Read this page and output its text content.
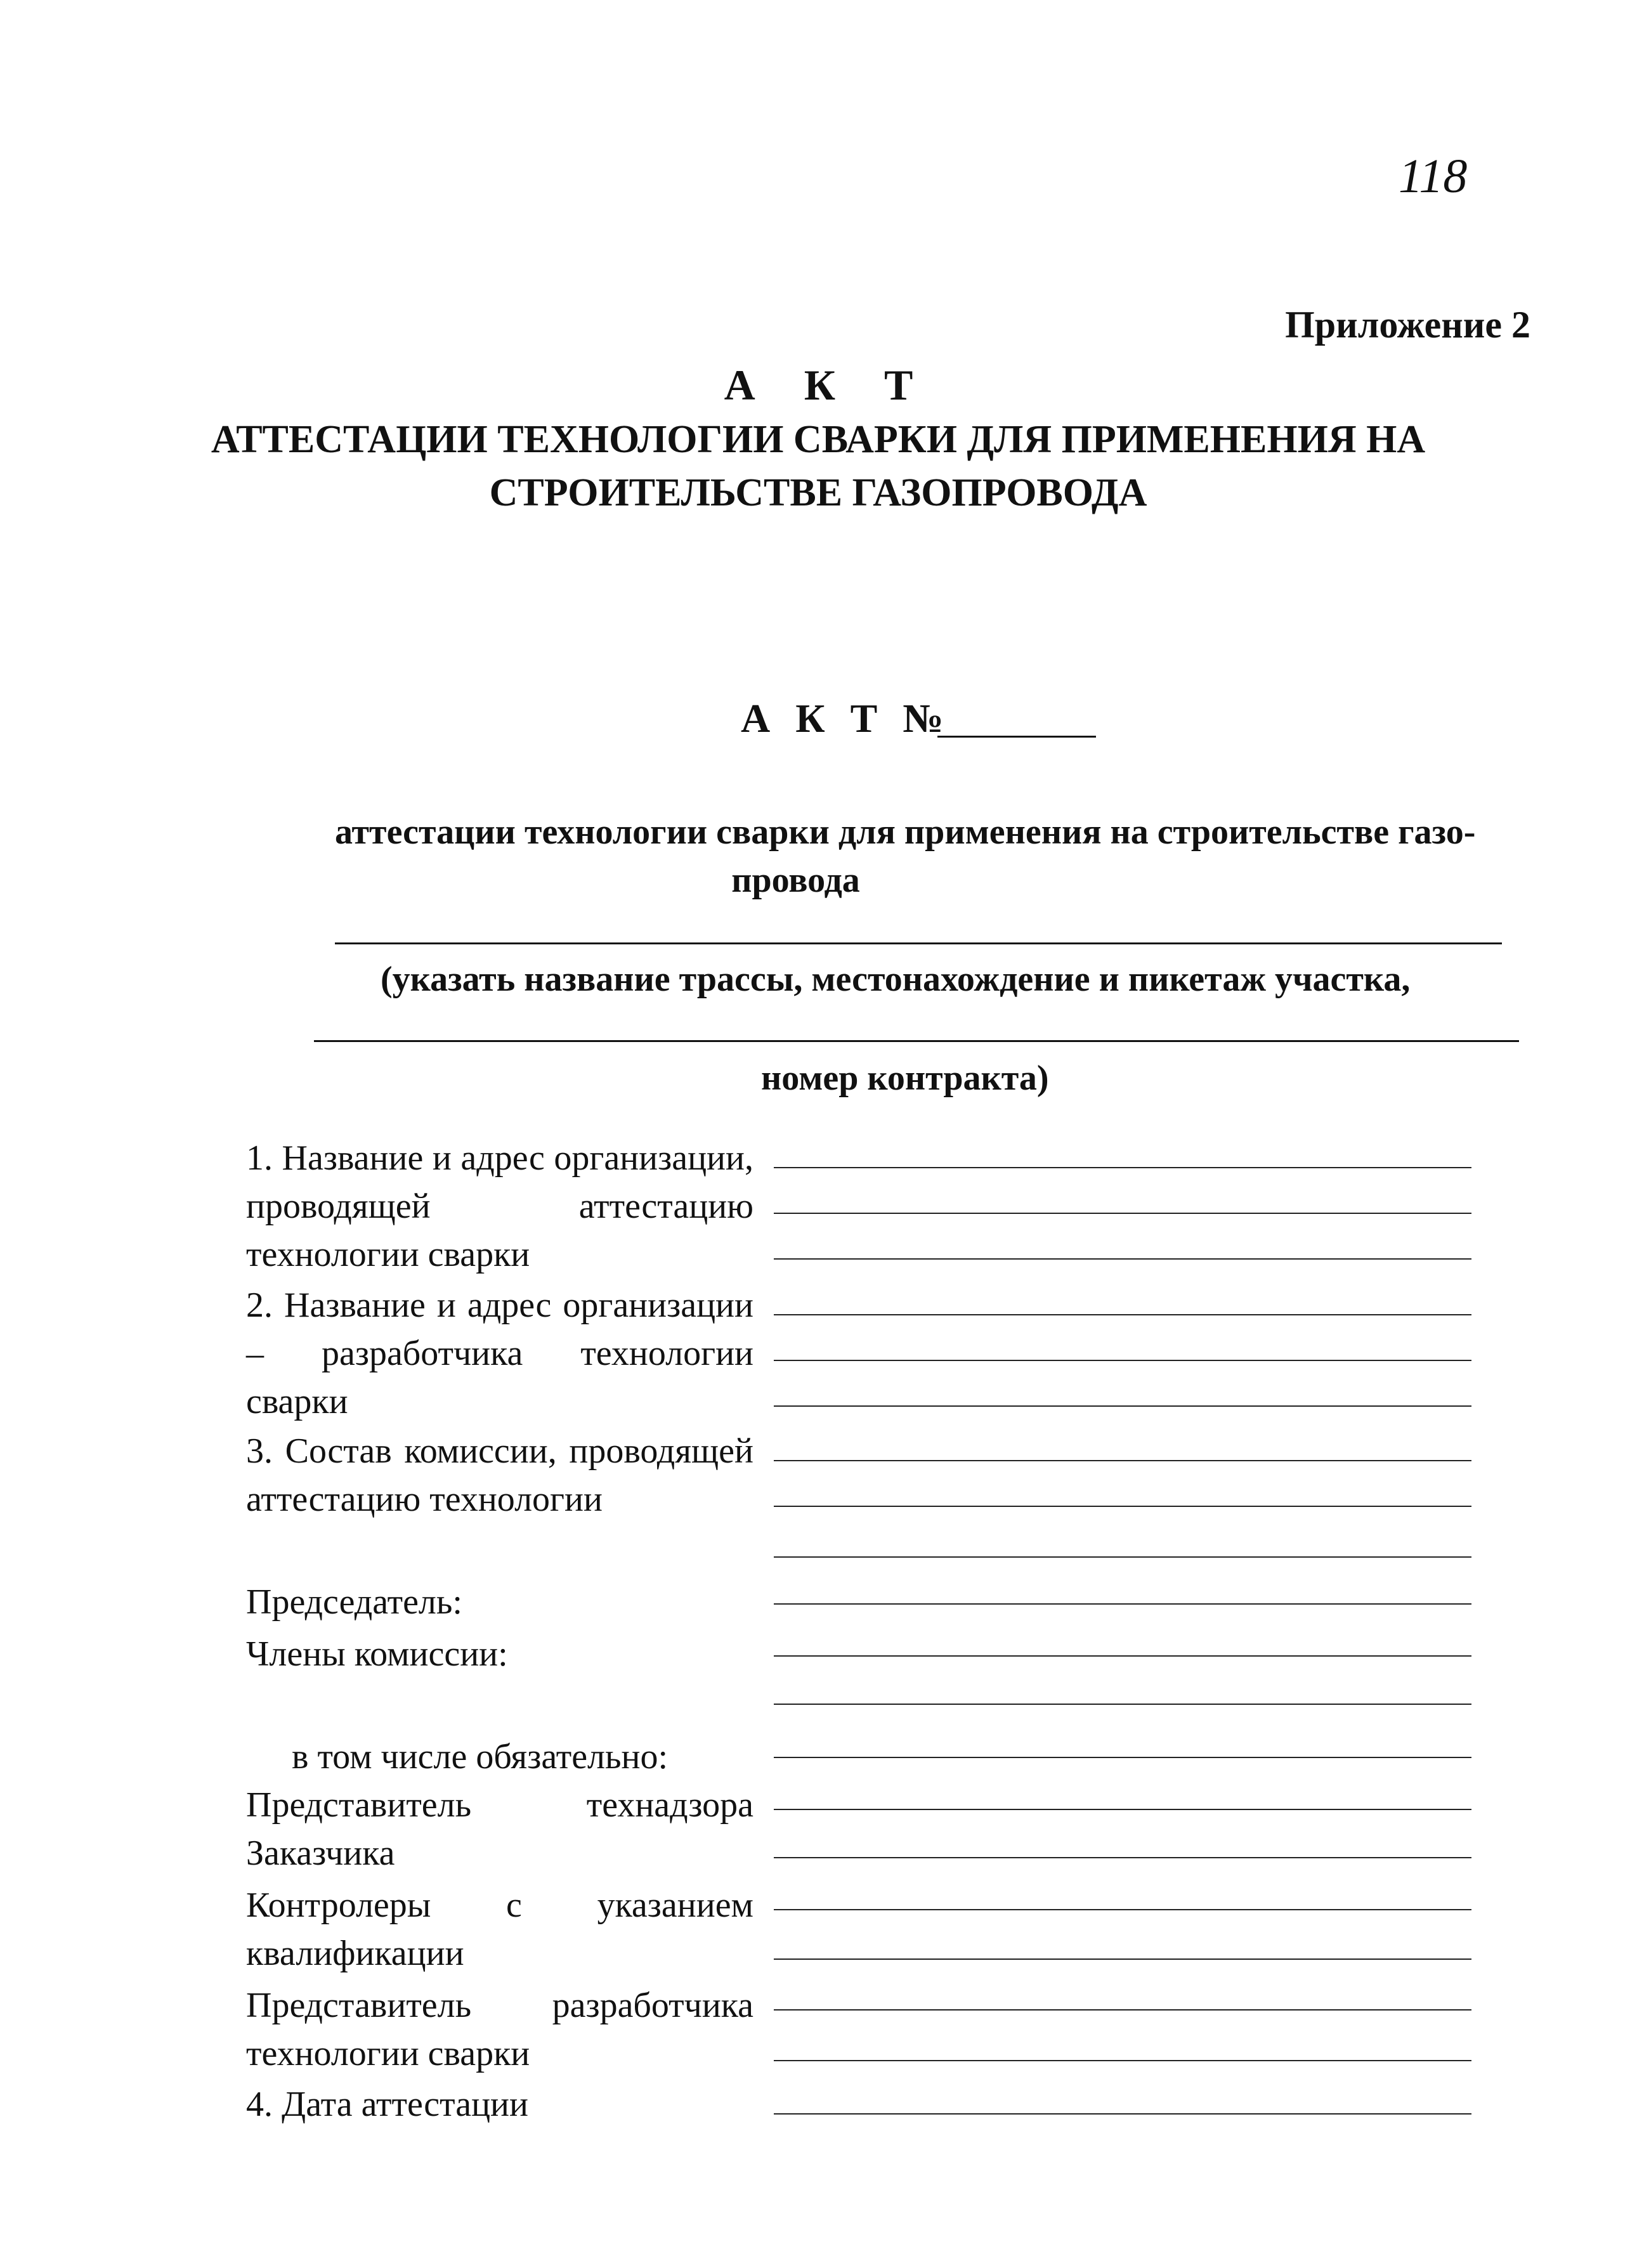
118
Приложение 2
А К Т
АТТЕСТАЦИИ ТЕХНОЛОГИИ СВАРКИ ДЛЯ ПРИМЕНЕНИЯ НА
СТРОИТЕЛЬСТВЕ ГАЗОПРОВОДА
А К Т №
аттестации технологии сварки для применения на строительстве газо-
провода
(указать название трассы, местонахождение и пикетаж участка,
номер контракта)
1. Название и адрес организации, проводящей аттестацию технологии сварки
2. Название и адрес организации – разработчика технологии сварки
3. Состав комиссии, проводящей аттестацию технологии
Председатель:
Члены комиссии:
в том числе обязательно:
Представитель технадзора Заказчика
Контролеры с указанием квалификации
Представитель разработчика технологии сварки
4. Дата аттестации
